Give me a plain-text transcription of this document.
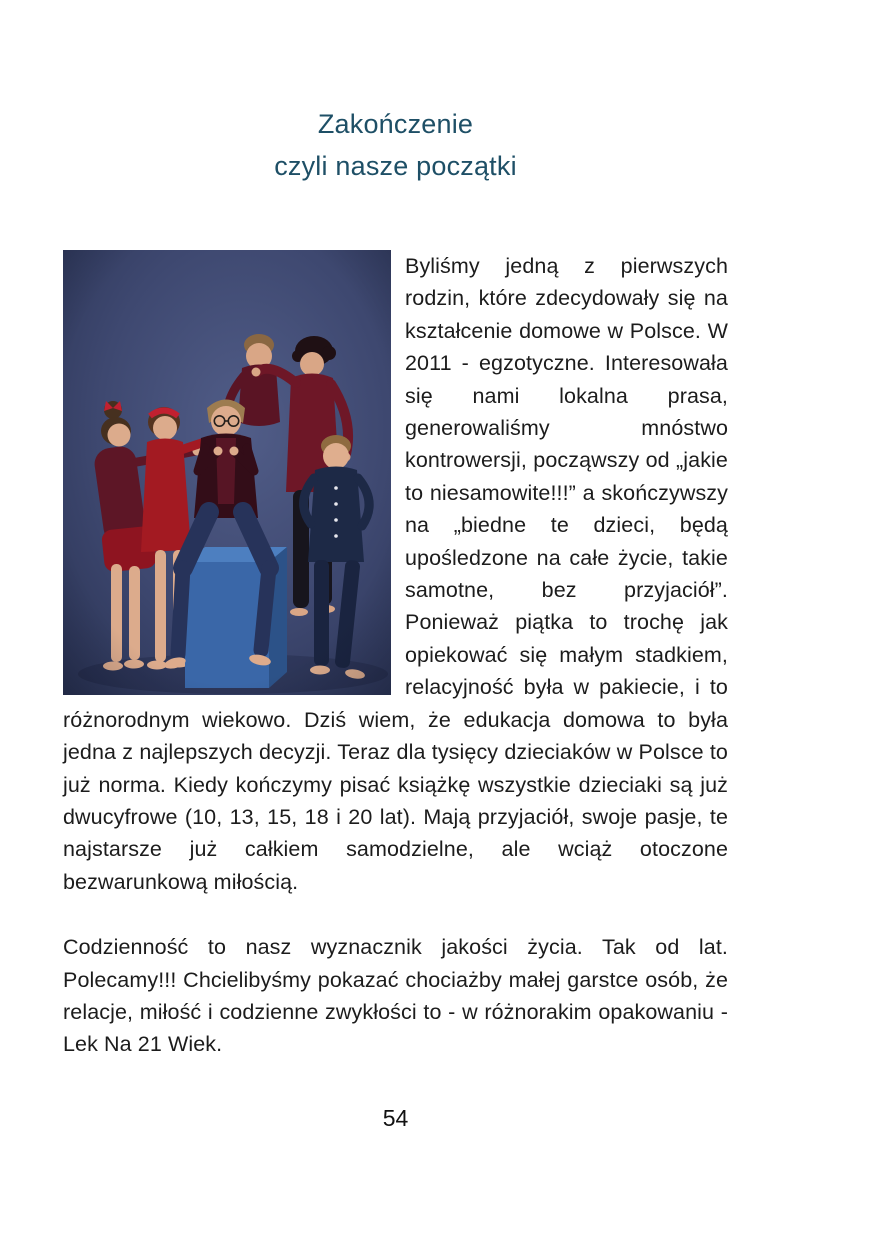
Zakończenie
czyli nasze początki

Byliśmy jedną z pierwszych rodzin, które zdecydowały się na kształcenie domowe w Polsce. W 2011 - egzotyczne. Interesowała się nami lokalna prasa, generowaliśmy mnóstwo kontrowersji, począwszy od „jakie to niesamowite!!!” a skończywszy na „biedne te dzieci, będą upośledzone na całe życie, takie samotne, bez przyjaciół”. Ponieważ piątka to trochę jak opiekować się małym stadkiem, relacyjność była w pakiecie, i to różnorodnym wiekowo. Dziś wiem, że edukacja domowa to była jedna z najlepszych decyzji. Teraz dla tysięcy dzieciaków w Polsce to już norma. Kiedy kończymy pisać książkę wszystkie dzieciaki są już dwucyfrowe (10, 13, 15, 18 i 20 lat). Mają przyjaciół, swoje pasje, te najstarsze już całkiem samodzielne, ale wciąż otoczone bezwarunkową miłością.

Codzienność to nasz wyznacznik jakości życia. Tak od lat. Polecamy!!! Chcielibyśmy pokazać chociażby małej garstce osób, że relacje, miłość i codzienne zwykłości to - w różnorakim opakowaniu - Lek Na 21 Wiek.

54
